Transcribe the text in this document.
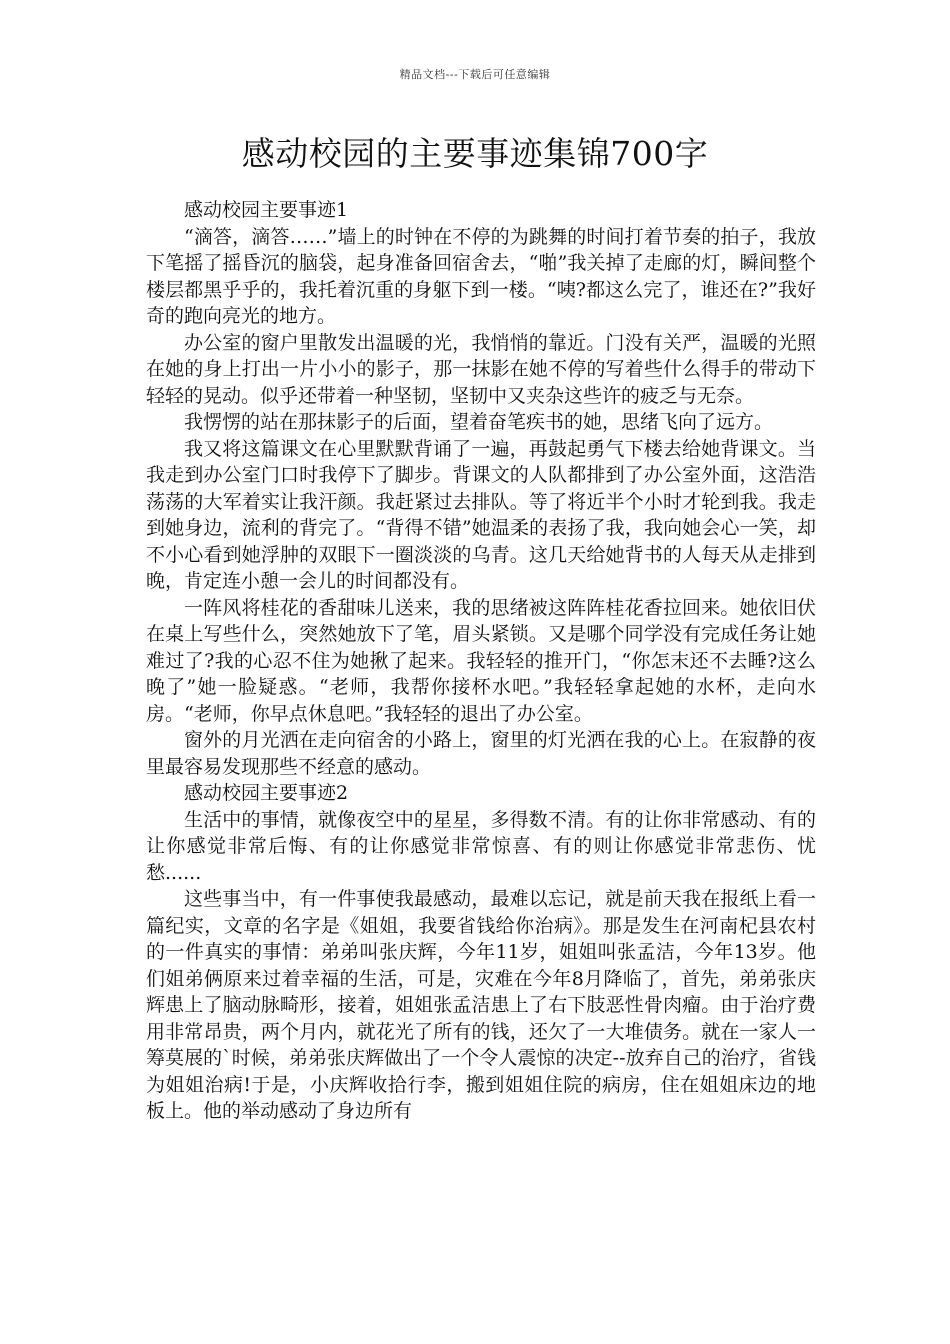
精品文档---下载后可任意编辑
感动校园的主要事迹集锦700字

感动校园主要事迹1

“滴答，滴答……”墙上的时钟在不停的为跳舞的时间打着节奏的拍子，我放下笔摇了摇昏沉的脑袋，起身准备回宿舍去，“啪”我关掉了走廊的灯，瞬间整个楼层都黑乎乎的，我托着沉重的身躯下到一楼。“咦?都这么完了，谁还在?”我好奇的跑向亮光的地方。

办公室的窗户里散发出温暖的光，我悄悄的靠近。门没有关严，温暖的光照在她的身上打出一片小小的影子，那一抹影在她不停的写着些什么得手的带动下轻轻的晃动。似乎还带着一种坚韧，坚韧中又夹杂这些许的疲乏与无奈。

我愣愣的站在那抹影子的后面，望着奋笔疾书的她，思绪飞向了远方。

我又将这篇课文在心里默默背诵了一遍，再鼓起勇气下楼去给她背课文。当我走到办公室门口时我停下了脚步。背课文的人队都排到了办公室外面，这浩浩荡荡的大军着实让我汗颜。我赶紧过去排队。等了将近半个小时才轮到我。我走到她身边，流利的背完了。“背得不错”她温柔的表扬了我，我向她会心一笑，却不小心看到她浮肿的双眼下一圈淡淡的乌青。这几天给她背书的人每天从走排到晚，肯定连小憩一会儿的时间都没有。

一阵风将桂花的香甜味儿送来，我的思绪被这阵阵桂花香拉回来。她依旧伏在桌上写些什么，突然她放下了笔，眉头紧锁。又是哪个同学没有完成任务让她难过了?我的心忍不住为她揪了起来。我轻轻的推开门，“你怎末还不去睡?这么晚了”她一脸疑惑。“老师，我帮你接杯水吧。”我轻轻拿起她的水杯，走向水房。“老师，你早点休息吧。”我轻轻的退出了办公室。

窗外的月光洒在走向宿舍的小路上，窗里的灯光洒在我的心上。在寂静的夜里最容易发现那些不经意的感动。

感动校园主要事迹2

生活中的事情，就像夜空中的星星，多得数不清。有的让你非常感动、有的让你感觉非常后悔、有的让你感觉非常惊喜、有的则让你感觉非常悲伤、忧愁......

这些事当中，有一件事使我最感动，最难以忘记，就是前天我在报纸上看一篇纪实，文章的名字是《姐姐，我要省钱给你治病》。那是发生在河南杞县农村的一件真实的事情：弟弟叫张庆辉，今年11岁，姐姐叫张孟洁，今年13岁。他们姐弟俩原来过着幸福的生活，可是，灾难在今年8月降临了，首先，弟弟张庆辉患上了脑动脉畸形，接着，姐姐张孟洁患上了右下肢恶性骨肉瘤。由于治疗费用非常昂贵，两个月内，就花光了所有的钱，还欠了一大堆债务。就在一家人一筹莫展的`时候，弟弟张庆辉做出了一个令人震惊的决定--放弃自己的治疗，省钱为姐姐治病!于是，小庆辉收拾行李，搬到姐姐住院的病房，住在姐姐床边的地板上。他的举动感动了身边所有
